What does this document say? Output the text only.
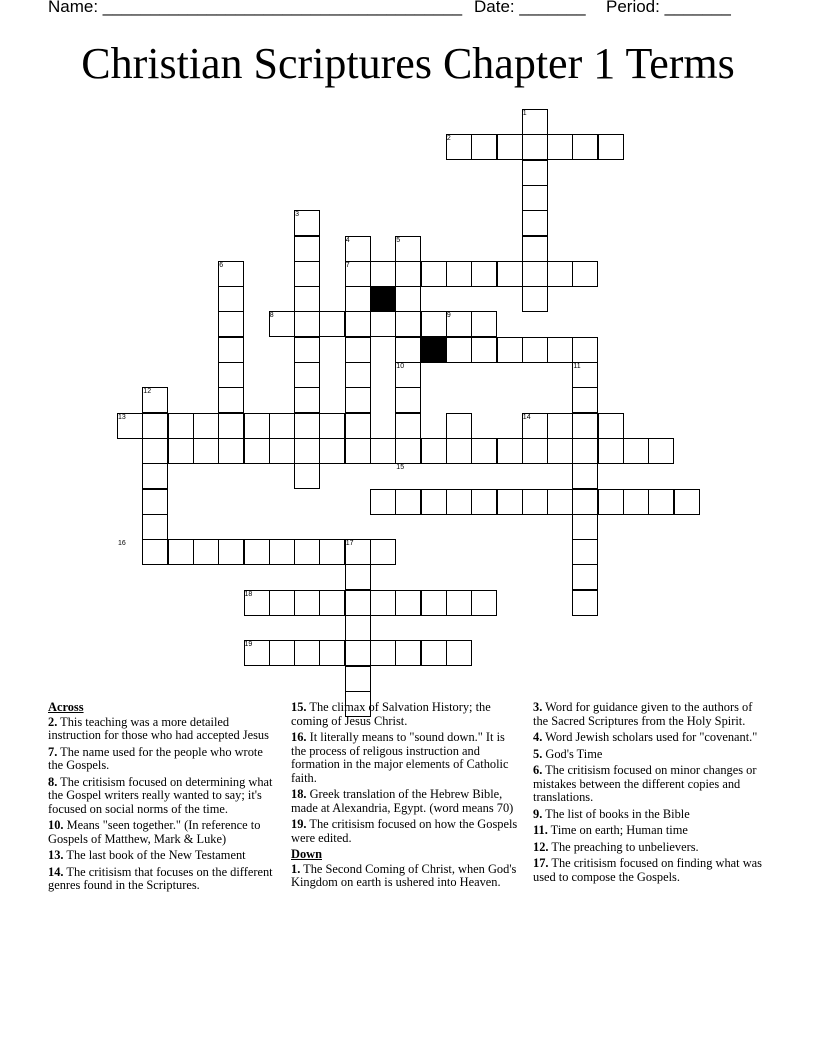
Name: ______________________________________ Date: _______ Period: _______
Christian Scriptures Chapter 1 Terms
1
2
3
4	5
6	7
8	9
10	11
12
13	14
15
16	17
18
19
Across
2. This teaching was a more detailed instruction for those who had accepted Jesus
7. The name used for the people who wrote the Gospels.
8. The critisism focused on determining what the Gospel writers really wanted to say; it's focused on social norms of the time.
10. Means "seen together." (In reference to Gospels of Matthew, Mark & Luke)
13. The last book of the New Testament
14. The critisism that focuses on the different genres found in the Scriptures.
15. The climax of Salvation History; the coming of Jesus Christ.
16. It literally means to "sound down." It is the process of religous instruction and formation in the major elements of Catholic faith.
18. Greek translation of the Hebrew Bible, made at Alexandria, Egypt. (word means 70)
19. The critisism focused on how the Gospels were edited.
Down
1. The Second Coming of Christ, when God's Kingdom on earth is ushered into Heaven.
3. Word for guidance given to the authors of the Sacred Scriptures from the Holy Spirit.
4. Word Jewish scholars used for "covenant."
5. God's Time
6. The critisism focused on minor changes or mistakes between the different copies and translations.
9. The list of books in the Bible
11. Time on earth; Human time
12. The preaching to unbelievers.
17. The critisism focused on finding what was used to compose the Gospels.
